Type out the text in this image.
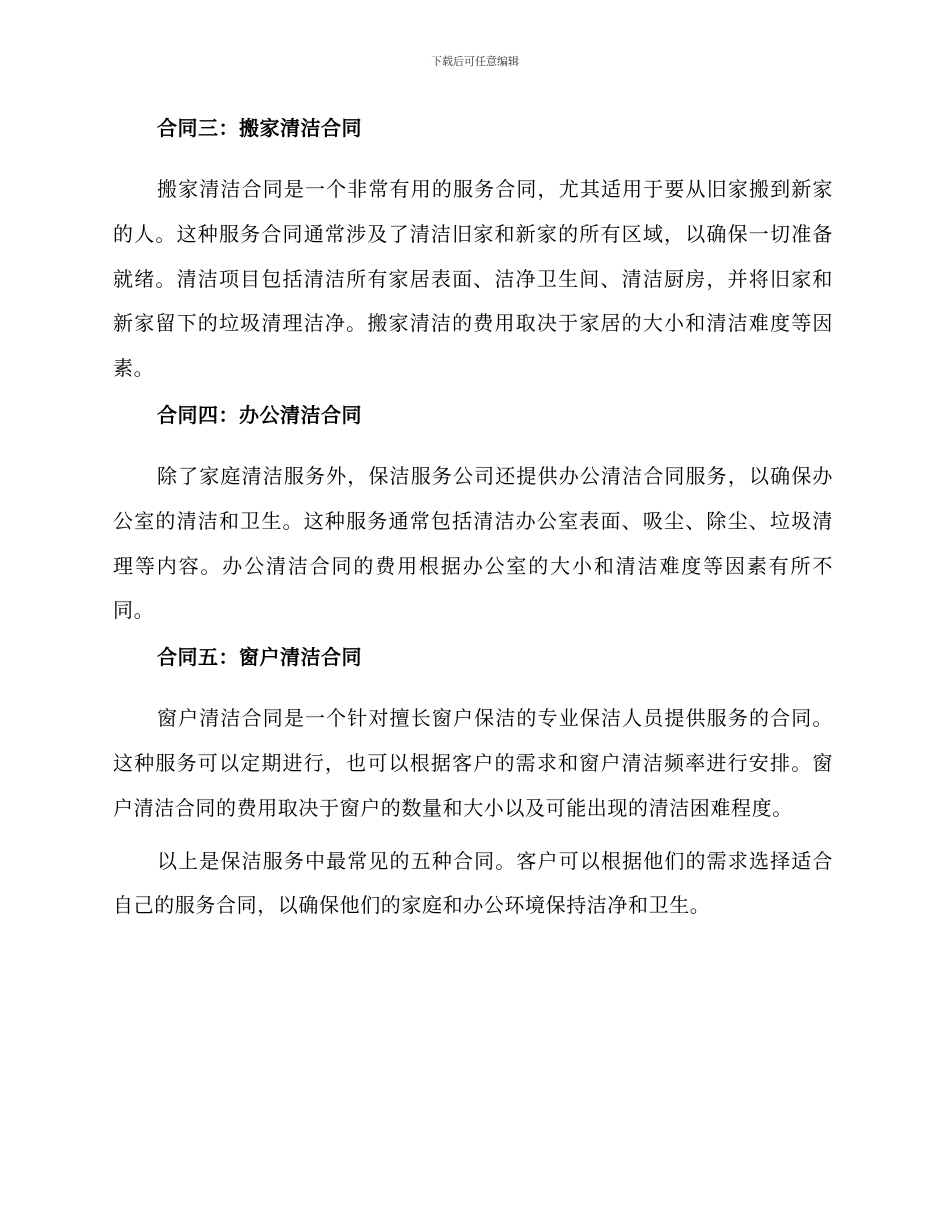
下载后可任意编辑
合同三：搬家清洁合同

搬家清洁合同是一个非常有用的服务合同，尤其适用于要从旧家搬到新家的人。这种服务合同通常涉及了清洁旧家和新家的所有区域，以确保一切准备就绪。清洁项目包括清洁所有家居表面、洁净卫生间、清洁厨房，并将旧家和新家留下的垃圾清理洁净。搬家清洁的费用取决于家居的大小和清洁难度等因素。

合同四：办公清洁合同

除了家庭清洁服务外，保洁服务公司还提供办公清洁合同服务，以确保办公室的清洁和卫生。这种服务通常包括清洁办公室表面、吸尘、除尘、垃圾清理等内容。办公清洁合同的费用根据办公室的大小和清洁难度等因素有所不同。

合同五：窗户清洁合同

窗户清洁合同是一个针对擅长窗户保洁的专业保洁人员提供服务的合同。这种服务可以定期进行，也可以根据客户的需求和窗户清洁频率进行安排。窗户清洁合同的费用取决于窗户的数量和大小以及可能出现的清洁困难程度。

以上是保洁服务中最常见的五种合同。客户可以根据他们的需求选择适合自己的服务合同，以确保他们的家庭和办公环境保持洁净和卫生。
